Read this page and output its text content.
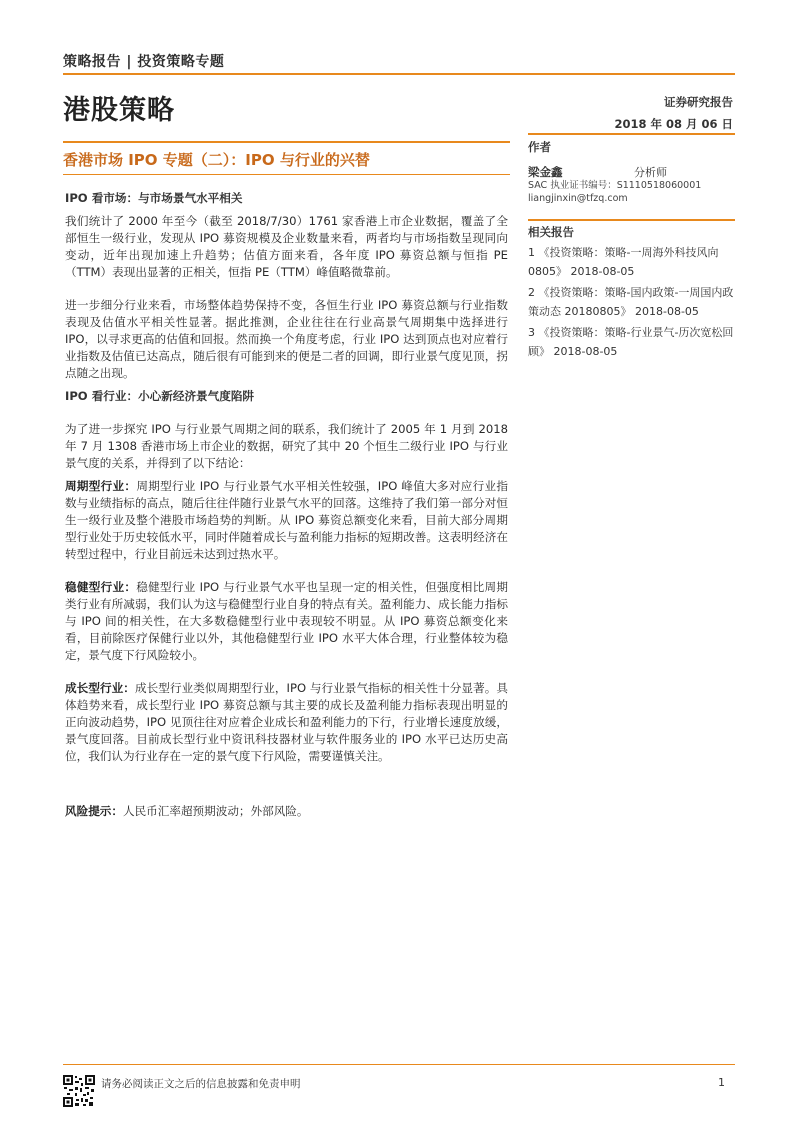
策略报告 | 投资策略专题
港股策略	证券研究报告
2018 年 08 月 06 日
香港市场 IPO 专题（二）：IPO 与行业的兴替

IPO 看市场：与市场景气水平相关

我们统计了 2000 年至今（截至 2018/7/30）1761 家香港上市企业数据，覆盖了全部恒生一级行业，发现从 IPO 募资规模及企业数量来看，两者均与市场指数呈现同向变动，近年出现加速上升趋势；估值方面来看，各年度 IPO 募资总额与恒指 PE（TTM）表现出显著的正相关，恒指 PE（TTM）峰值略微靠前。

进一步细分行业来看，市场整体趋势保持不变，各恒生行业 IPO 募资总额与行业指数表现及估值水平相关性显著。据此推测，企业往往在行业高景气周期集中选择进行 IPO，以寻求更高的估值和回报。然而换一个角度考虑，行业 IPO 达到顶点也对应着行业指数及估值已达高点，随后很有可能到来的便是二者的回调，即行业景气度见顶，拐点随之出现。

IPO 看行业：小心新经济景气度陷阱

为了进一步探究 IPO 与行业景气周期之间的联系，我们统计了 2005 年 1 月到 2018 年 7 月 1308 香港市场上市企业的数据，研究了其中 20 个恒生二级行业 IPO 与行业景气度的关系，并得到了以下结论：

周期型行业：周期型行业 IPO 与行业景气水平相关性较强，IPO 峰值大多对应行业指数与业绩指标的高点，随后往往伴随行业景气水平的回落。这维持了我们第一部分对恒生一级行业及整个港股市场趋势的判断。从 IPO 募资总额变化来看，目前大部分周期型行业处于历史较低水平，同时伴随着成长与盈利能力指标的短期改善。这表明经济在转型过程中，行业目前远未达到过热水平。

稳健型行业：稳健型行业 IPO 与行业景气水平也呈现一定的相关性，但强度相比周期类行业有所减弱，我们认为这与稳健型行业自身的特点有关。盈利能力、成长能力指标与 IPO 间的相关性，在大多数稳健型行业中表现较不明显。从 IPO 募资总额变化来看，目前除医疗保健行业以外，其他稳健型行业 IPO 水平大体合理，行业整体较为稳定，景气度下行风险较小。

成长型行业：成长型行业类似周期型行业，IPO 与行业景气指标的相关性十分显著。具体趋势来看，成长型行业 IPO 募资总额与其主要的成长及盈利能力指标表现出明显的正向波动趋势，IPO 见顶往往对应着企业成长和盈利能力的下行，行业增长速度放缓，景气度回落。目前成长型行业中资讯科技器材业与软件服务业的 IPO 水平已达历史高位，我们认为行业存在一定的景气度下行风险，需要谨慎关注。

风险提示：人民币汇率超预期波动；外部风险。

作者
梁金鑫	分析师
SAC 执业证书编号：S1110518060001
liangjinxin@tfzq.com
相关报告

1 《投资策略：策略-一周海外科技风向 0805》 2018-08-05

2 《投资策略：策略-国内政策-一周国内政策动态 20180805》 2018-08-05

3 《投资策略：策略-行业景气-历次宽松回顾》 2018-08-05

请务必阅读正文之后的信息披露和免责申明	1
